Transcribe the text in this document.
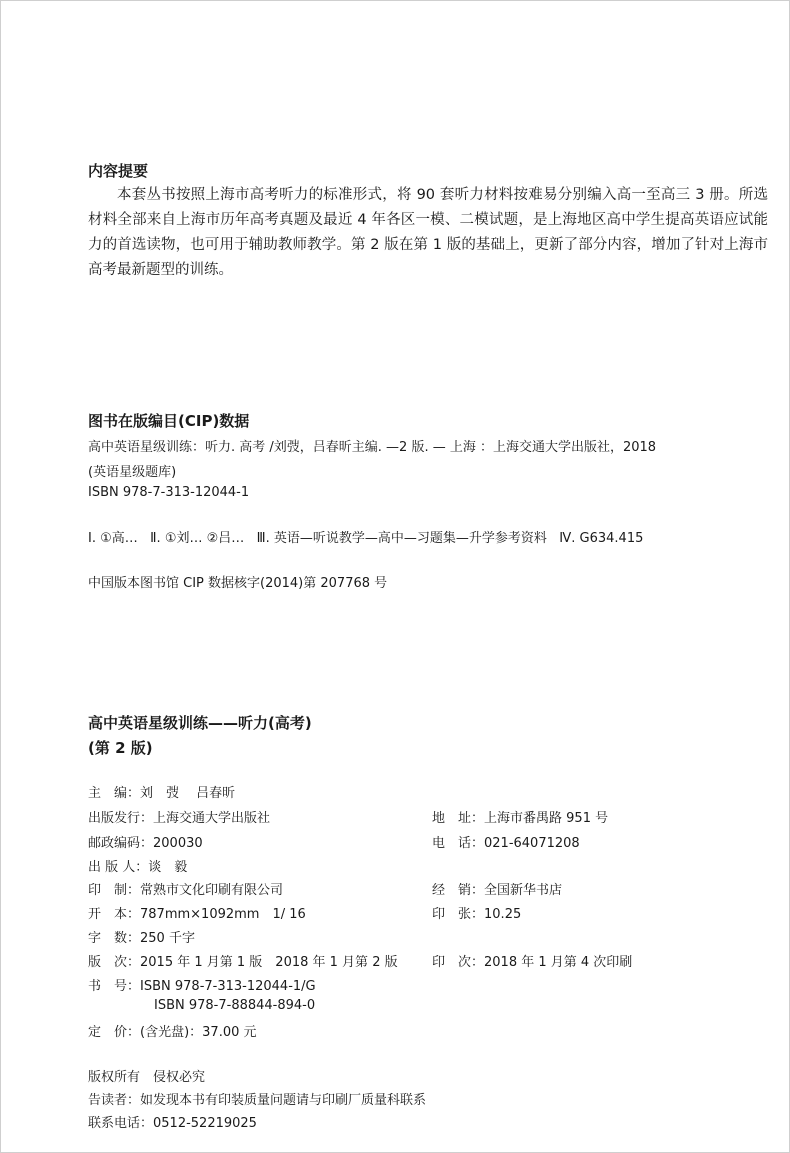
内容提要
本套丛书按照上海市高考听力的标准形式，将 90 套听力材料按难易分别编入高一至高三 3 册。所选材料全部来自上海市历年高考真题及最近 4 年各区一模、二模试题，是上海地区高中学生提高英语应试能力的首选读物，也可用于辅助教师教学。第 2 版在第 1 版的基础上，更新了部分内容，增加了针对上海市高考最新题型的训练。
图书在版编目(CIP)数据
高中英语星级训练：听力. 高考 /刘弢，吕春昕主编. —2 版. — 上海 ：上海交通大学出版社，2018
(英语星级题库)
ISBN 978-7-313-12044-1
Ⅰ. ①高…   Ⅱ. ①刘… ②吕…   Ⅲ. 英语—听说教学—高中—习题集—升学参考资料   Ⅳ. G634.415
中国版本图书馆 CIP 数据核字(2014)第 207768 号
高中英语星级训练——听力(高考)
(第 2 版)
主　编：刘　弢　 吕春昕
出版发行：上海交通大学出版社
邮政编码：200030
出 版 人：谈　毅
印　制：常熟市文化印刷有限公司
开　本：787mm×1092mm　1/ 16
字　数：250 千字
版　次：2015 年 1 月第 1 版　2018 年 1 月第 2 版
书　号：ISBN 978-7-313-12044-1/G
ISBN 978-7-88844-894-0
定　价：(含光盘)：37.00 元
地　址：上海市番禺路 951 号
电　话：021-64071208
经　销：全国新华书店
印　张：10.25
印　次：2018 年 1 月第 4 次印刷
版权所有　侵权必究
告读者：如发现本书有印装质量问题请与印刷厂质量科联系
联系电话：0512-52219025
